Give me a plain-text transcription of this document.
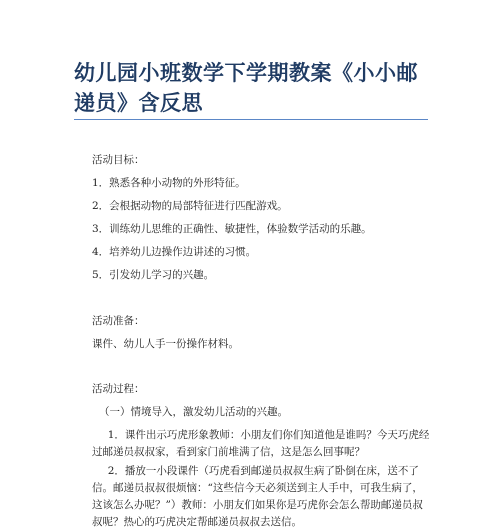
幼儿园小班数学下学期教案《小小邮递员》含反思
活动目标：
1．熟悉各种小动物的外形特征。
2．会根据动物的局部特征进行匹配游戏。
3．训练幼儿思维的正确性、敏捷性，体验数学活动的乐趣。
4．培养幼儿边操作边讲述的习惯。
5．引发幼儿学习的兴趣。
活动准备：
课件、幼儿人手一份操作材料。
活动过程：
（一）情境导入，激发幼儿活动的兴趣。
1．课件出示巧虎形象教师：小朋友们你们知道他是谁吗？今天巧虎经过邮递员叔叔家，看到家门前堆满了信，这是怎么回事呢？
2．播放一小段课件（巧虎看到邮递员叔叔生病了卧倒在床，送不了信。邮递员叔叔很烦恼：“这些信今天必须送到主人手中，可我生病了，这该怎么办呢？”）教师：小朋友们如果你是巧虎你会怎么帮助邮递员叔叔呢？热心的巧虎决定帮邮递员叔叔去送信。
